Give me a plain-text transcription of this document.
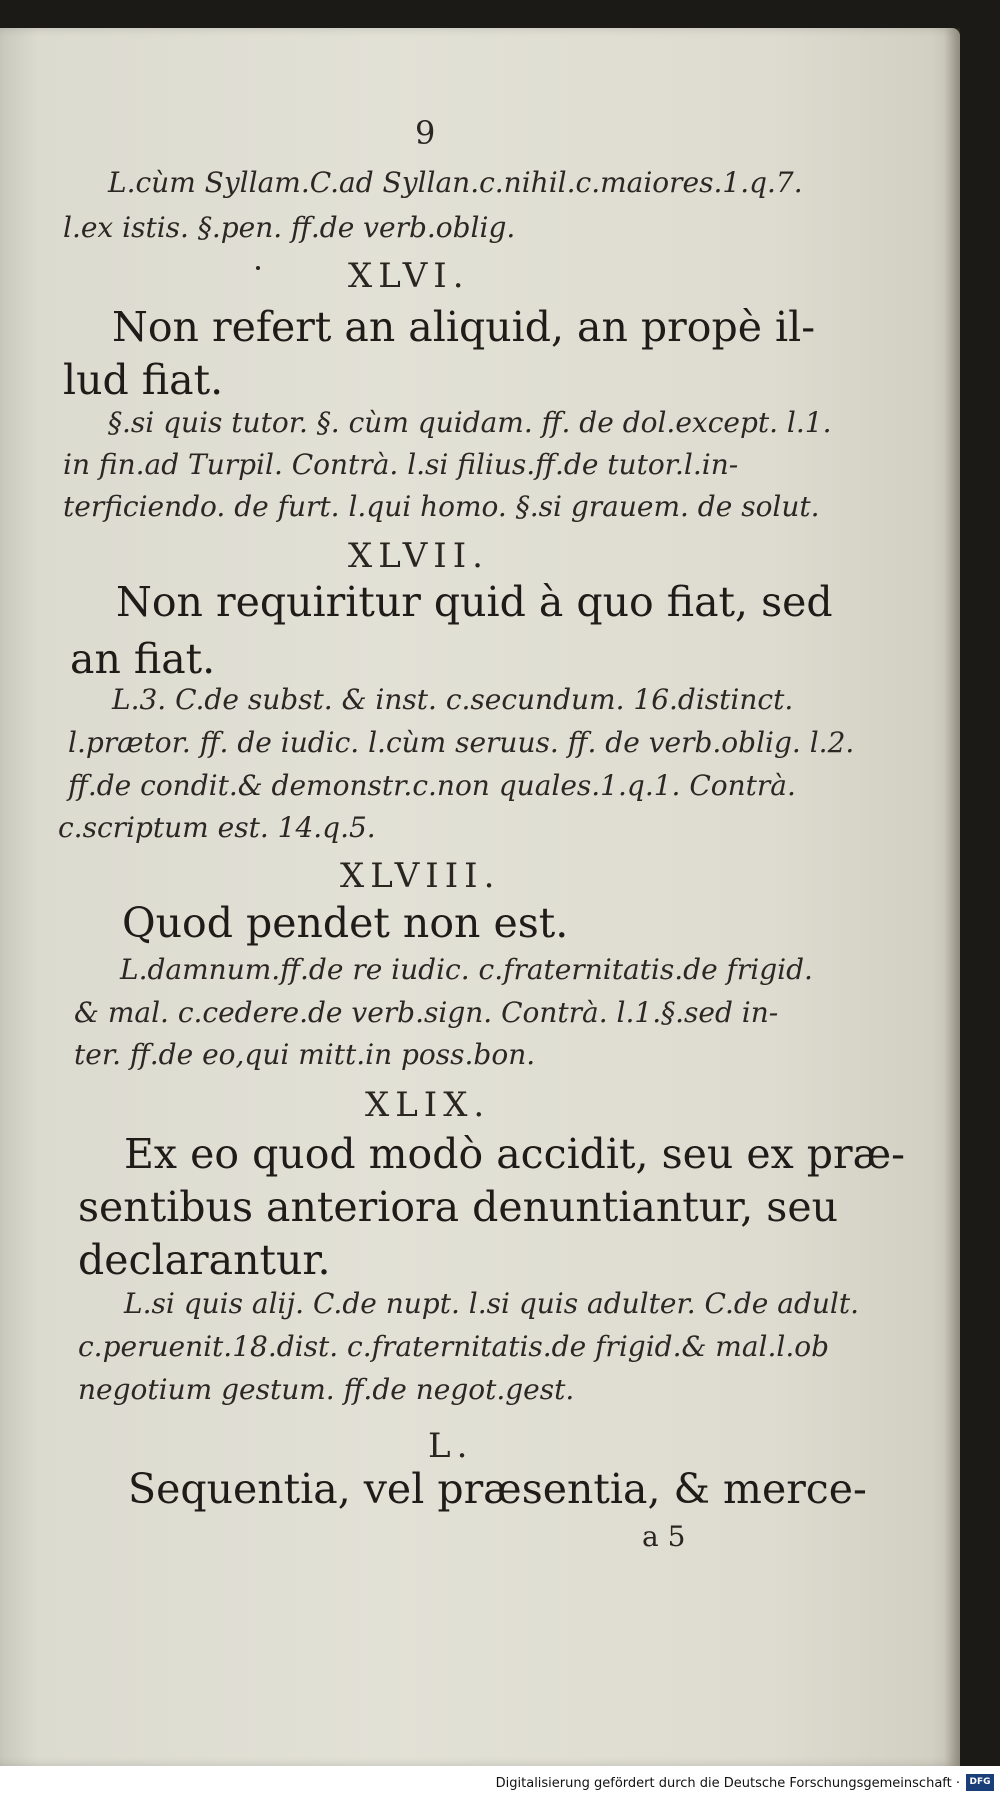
9
L.cùm Syllam.C.ad Syllan.c.nihil.c.maiores.1.q.7.
l.ex istis. §.pen. ff.de verb.oblig.
XLVI.
Non refert an aliquid, an propè il-
lud fiat.
§.si quis tutor. §. cùm quidam. ff. de dol.except. l.1.
in fin.ad Turpil. Contrà. l.si filius.ff.de tutor.l.in-
terficiendo. de furt. l.qui homo. §.si grauem. de solut.
XLVII.
Non requiritur quid à quo fiat, sed
an fiat.
L.3. C.de subst. & inst. c.secundum. 16.distinct.
l.prætor. ff. de iudic. l.cùm seruus. ff. de verb.oblig. l.2.
ff.de condit.& demonstr.c.non quales.1.q.1. Contrà.
c.scriptum est. 14.q.5.
XLVIII.
Quod pendet non est.
L.damnum.ff.de re iudic. c.fraternitatis.de frigid.
& mal. c.cedere.de verb.sign. Contrà. l.1.§.sed in-
ter. ff.de eo,qui mitt.in poss.bon.
XLIX.
Ex eo quod modò accidit, seu ex præ-
sentibus anteriora denuntiantur, seu
declarantur.
L.si quis alij. C.de nupt. l.si quis adulter. C.de adult.
c.peruenit.18.dist. c.fraternitatis.de frigid.& mal.l.ob
negotium gestum. ff.de negot.gest.
L.
Sequentia, vel præsentia, & merce-
a 5
Digitalisierung gefördert durch die Deutsche Forschungsgemeinschaft ·	DFG
